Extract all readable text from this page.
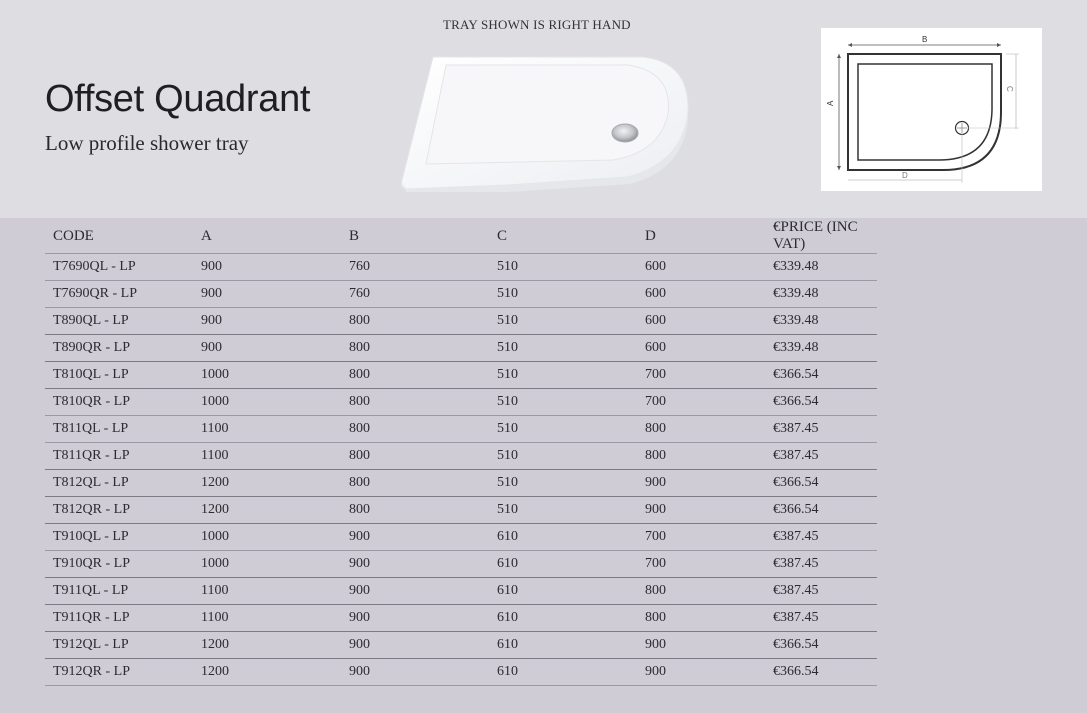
Offset Quadrant
Low profile shower tray
TRAY SHOWN IS RIGHT HAND
B
A
C
D
CODE	A	B	C	D	€PRICE (INC VAT)
T7690QL - LP	900	760	510	600	€339.48
T7690QR - LP	900	760	510	600	€339.48
T890QL - LP	900	800	510	600	€339.48
T890QR - LP	900	800	510	600	€339.48
T810QL - LP	1000	800	510	700	€366.54
T810QR - LP	1000	800	510	700	€366.54
T811QL - LP	1100	800	510	800	€387.45
T811QR - LP	1100	800	510	800	€387.45
T812QL - LP	1200	800	510	900	€366.54
T812QR - LP	1200	800	510	900	€366.54
T910QL - LP	1000	900	610	700	€387.45
T910QR - LP	1000	900	610	700	€387.45
T911QL - LP	1100	900	610	800	€387.45
T911QR - LP	1100	900	610	800	€387.45
T912QL - LP	1200	900	610	900	€366.54
T912QR - LP	1200	900	610	900	€366.54
